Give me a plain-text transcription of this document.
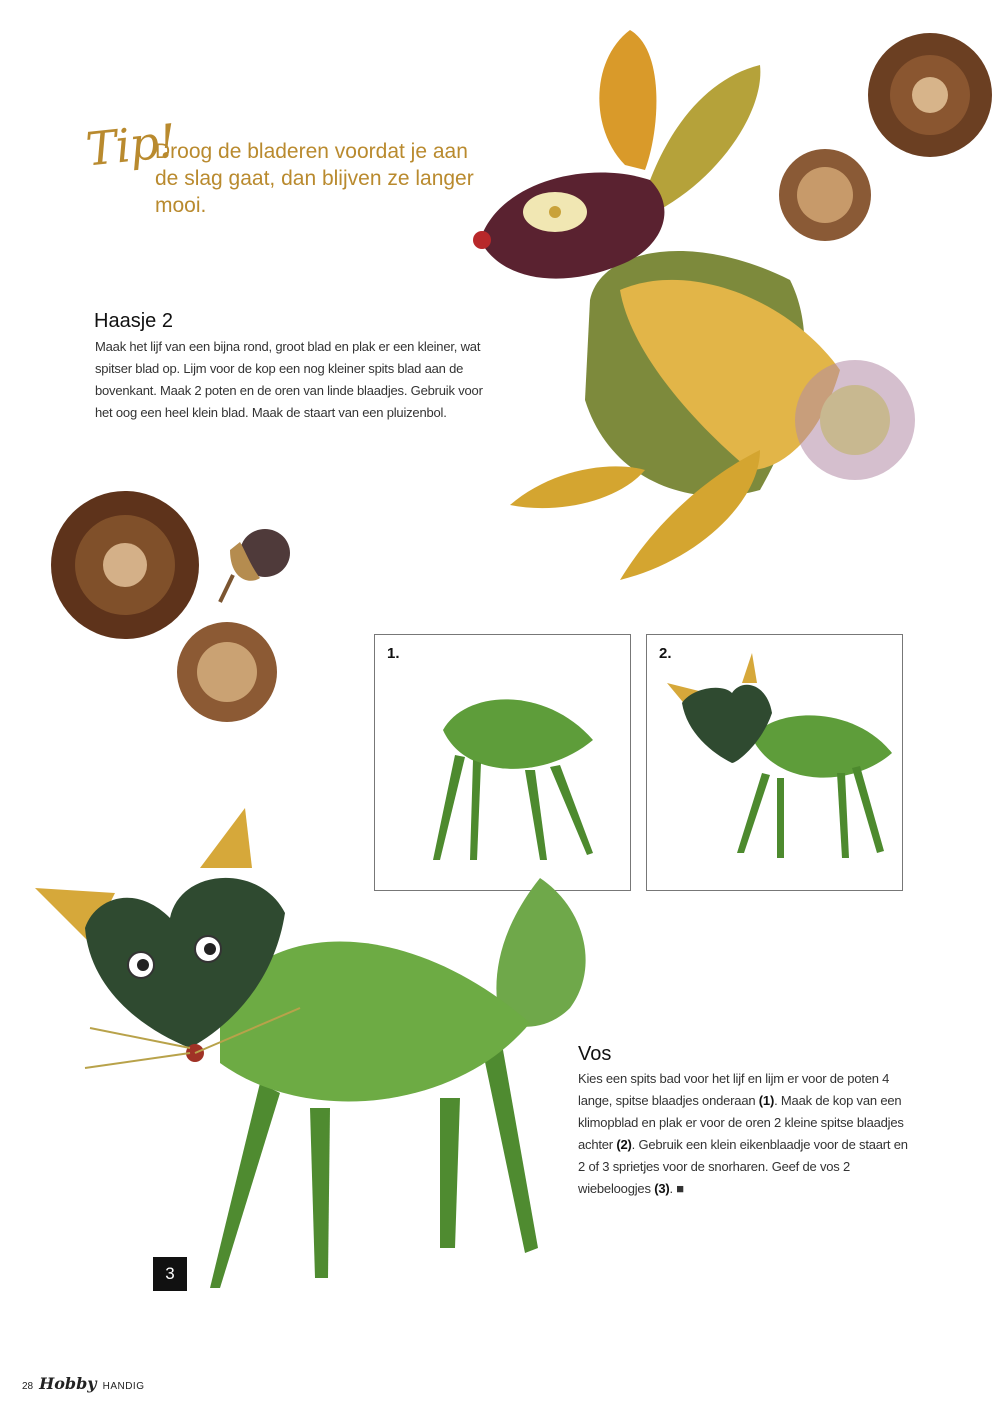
Tip!
Droog de bladeren voordat je aan de slag gaat, dan blijven ze langer mooi.
Haasje 2
Maak het lijf van een bijna rond, groot blad en plak er een kleiner, wat spitser blad op. Lijm voor de kop een nog kleiner spits blad aan de bovenkant. Maak 2 poten en de oren van linde blaadjes. Gebruik voor het oog een heel klein blad. Maak de staart van een pluizenbol.
1.	2.
Vos
Kies een spits bad voor het lijf en lijm er voor de poten 4 lange, spitse blaadjes onderaan (1). Maak de kop van een klimopblad en plak er voor de oren 2 kleine spitse blaadjes achter (2). Gebruik een klein eikenblaadje voor de staart en 2 of 3 sprietjes voor de snorharen. Geef de vos 2 wiebeloogjes (3). ■
3
28 Hobby HANDIG
